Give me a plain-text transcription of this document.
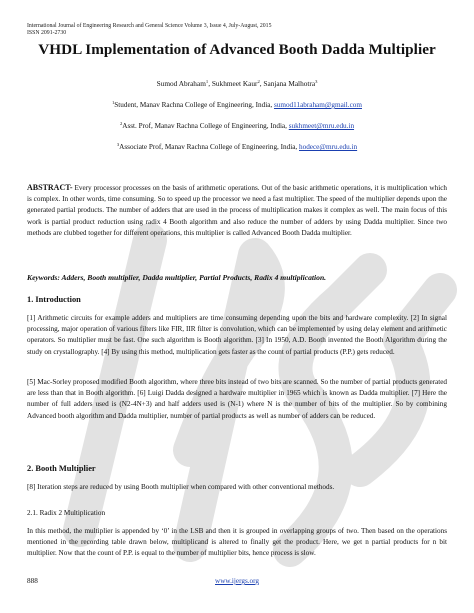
International Journal of Engineering Research and General Science Volume 3, Issue 4, July-August, 2015
ISSN 2091-2730
VHDL Implementation of Advanced Booth Dadda Multiplier
Sumod Abraham$^1$, Sukhmeet Kaur$^2$, Sanjana Malhotra$^3$
$^1$Student, Manav Rachna College of Engineering, India, sumod11abraham@gmail.com
$^2$Asst. Prof, Manav Rachna College of Engineering, India, sukhmeet@mru.edu.in
$^3$Associate Prof, Manav Rachna College of Engineering, India, hodece@mru.edu.in
ABSTRACT- Every processor processes on the basis of arithmetic operations. Out of the basic arithmetic operations, it is multiplication which is complex. In other words, time consuming. So to speed up the processor we need a fast multiplier. The speed of the multiplier depends upon the generated partial products. The number of adders that are used in the process of multiplication makes it complex as well. The main focus of this work is partial product reduction using radix 4 Booth algorithm and also reduce the number of adders by using Dadda multiplier. Since two methods are clubbed together for different operations, this multiplier is called Advanced Booth Dadda multiplier.
Keywords: Adders, Booth multiplier, Dadda multiplier, Partial Products, Radix 4 multiplication.
1. Introduction
[1] Arithmetic circuits for example adders and multipliers are time consuming depending upon the bits and hardware complexity. [2] In signal processing, major operation of various filters like FIR, IIR filter is convolution, which can be implemented by using delay element and arithmetic operators. So multiplier must be fast. One such algorithm is Booth algorithm. [3] In 1950, A.D. Booth invented the Booth Algorithm during the study on crystallography. [4] By using this method, multiplication gets faster as the count of partial products (P.P.) gets reduced.
[5] Mac-Sorley proposed modified Booth algorithm, where three bits instead of two bits are scanned. So the number of partial products generated are less than that in Booth algorithm. [6] Luigi Dadda designed a hardware multiplier in 1965 which is known as Dadda multiplier. [7] Here the number of full adders used is (N2-4N+3) and half adders used is (N-1) where N is the number of bits of the multiplier. So by combining Advanced booth algorithm and Dadda multiplier, number of partial products as well as number of adders can be reduced.
2. Booth Multiplier
[8] Iteration steps are reduced by using Booth multiplier when compared with other conventional methods.
2.1. Radix 2 Multiplication
In this method, the multiplier is appended by ‘0’ in the LSB and then it is grouped in overlapping groups of two. Then based on the operations mentioned in the recording table drawn below, multiplicand is altered to finally get the product. Here, we get n partial products for n bit multiplier. Now that the count of P.P. is equal to the number of multiplier bits, hence process is slow.
888	www.ijergs.org
